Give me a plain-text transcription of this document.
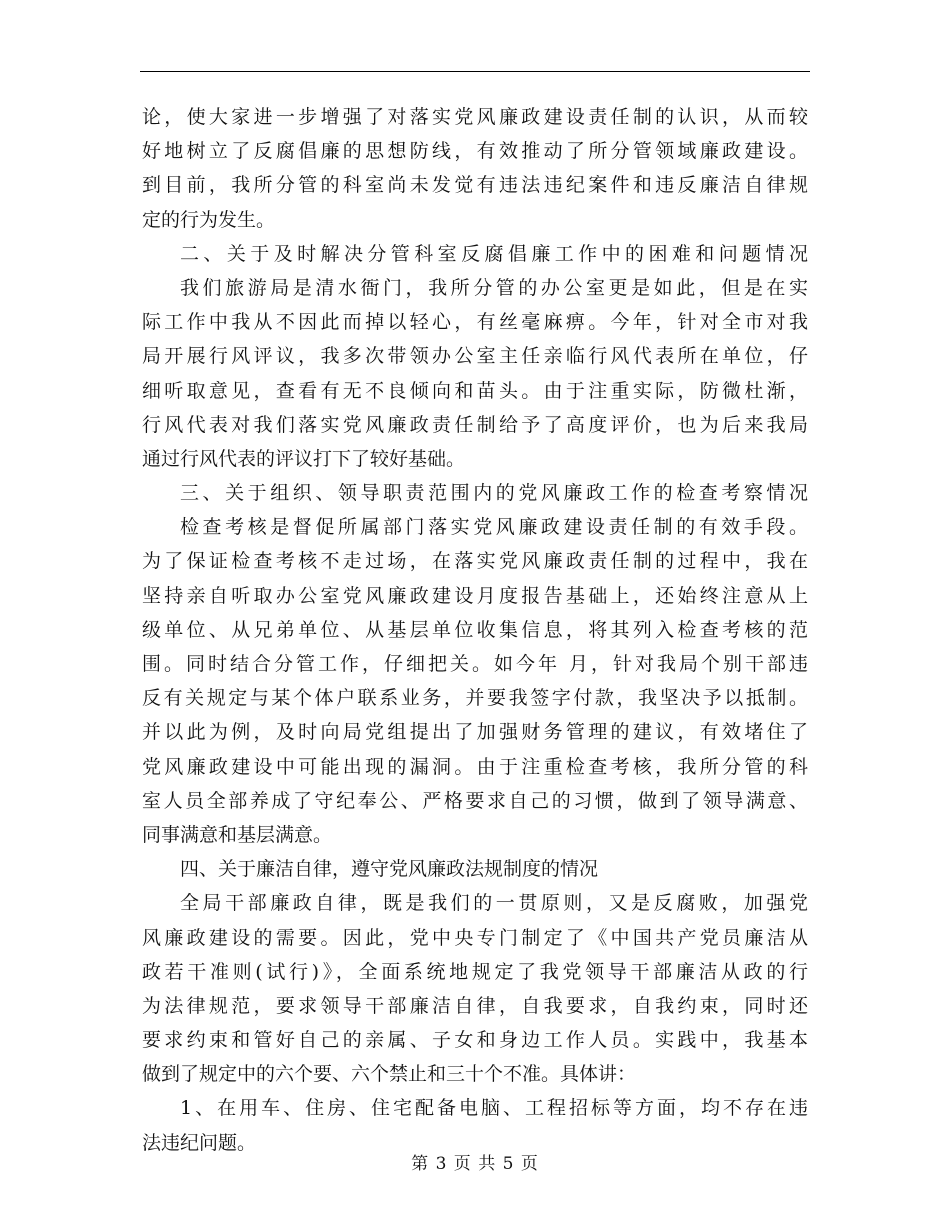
论，使大家进一步增强了对落实党风廉政建设责任制的认识，从而较
好地树立了反腐倡廉的思想防线，有效推动了所分管领域廉政建设。
到目前，我所分管的科室尚未发觉有违法违纪案件和违反廉洁自律规
定的行为发生。
二、关于及时解决分管科室反腐倡廉工作中的困难和问题情况
我们旅游局是清水衙门，我所分管的办公室更是如此，但是在实
际工作中我从不因此而掉以轻心，有丝毫麻痹。今年，针对全市对我
局开展行风评议，我多次带领办公室主任亲临行风代表所在单位，仔
细听取意见，查看有无不良倾向和苗头。由于注重实际，防微杜渐，
行风代表对我们落实党风廉政责任制给予了高度评价，也为后来我局
通过行风代表的评议打下了较好基础。
三、关于组织、领导职责范围内的党风廉政工作的检查考察情况
检查考核是督促所属部门落实党风廉政建设责任制的有效手段。
为了保证检查考核不走过场，在落实党风廉政责任制的过程中，我在
坚持亲自听取办公室党风廉政建设月度报告基础上，还始终注意从上
级单位、从兄弟单位、从基层单位收集信息，将其列入检查考核的范
围。同时结合分管工作，仔细把关。如今年 月，针对我局个别干部违
反有关规定与某个体户联系业务，并要我签字付款，我坚决予以抵制。
并以此为例，及时向局党组提出了加强财务管理的建议，有效堵住了
党风廉政建设中可能出现的漏洞。由于注重检查考核，我所分管的科
室人员全部养成了守纪奉公、严格要求自己的习惯，做到了领导满意、
同事满意和基层满意。
四、关于廉洁自律，遵守党风廉政法规制度的情况
全局干部廉政自律，既是我们的一贯原则，又是反腐败，加强党
风廉政建设的需要。因此，党中央专门制定了《中国共产党员廉洁从
政若干准则(试行)》，全面系统地规定了我党领导干部廉洁从政的行
为法律规范，要求领导干部廉洁自律，自我要求，自我约束，同时还
要求约束和管好自己的亲属、子女和身边工作人员。实践中，我基本
做到了规定中的六个要、六个禁止和三十个不准。具体讲：
1、在用车、住房、住宅配备电脑、工程招标等方面，均不存在违
法违纪问题。
第 3 页 共 5 页
